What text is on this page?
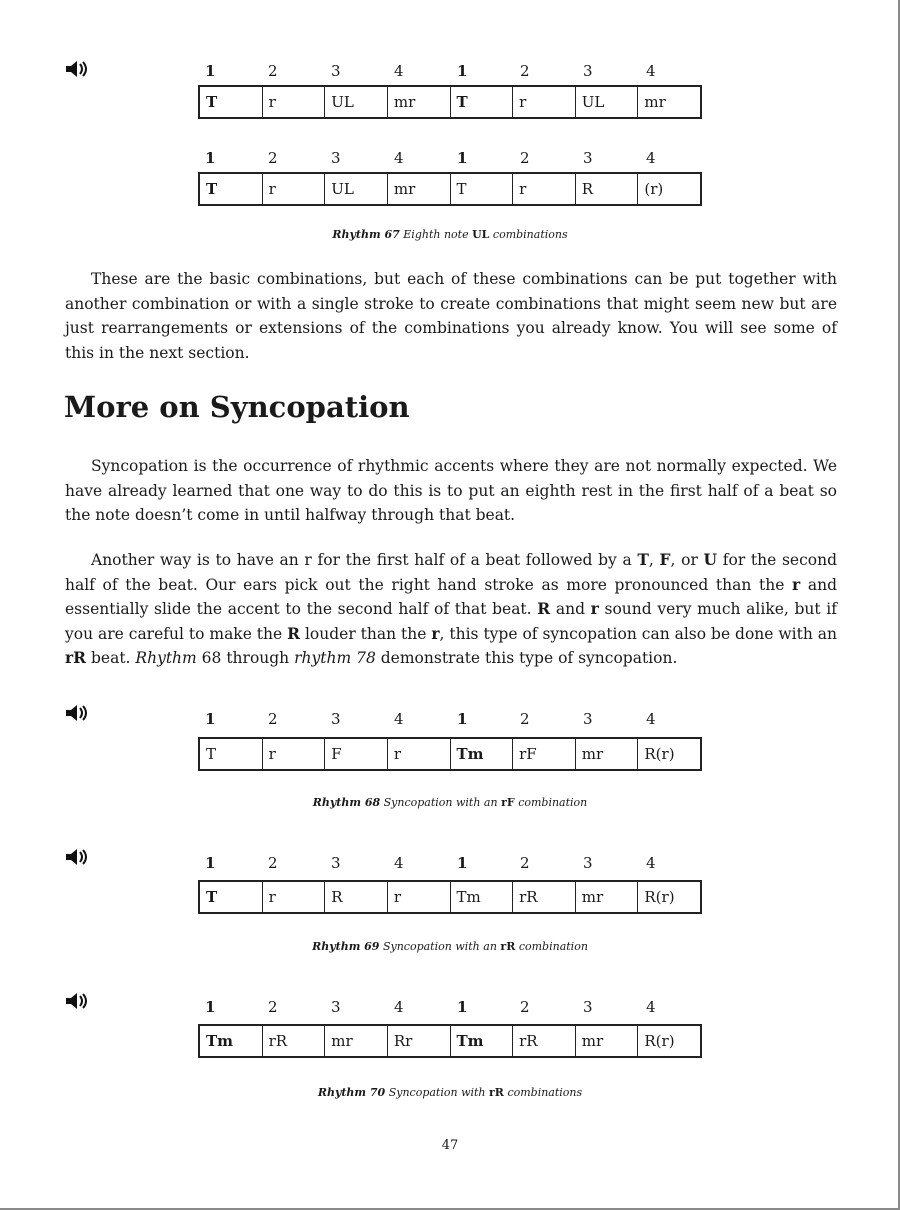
1	2	3	4	1	2	3	4
T	r	UL	mr	T	r	UL	mr
1	2	3	4	1	2	3	4
T	r	UL	mr	T	r	R	(r)
Rhythm 67 Eighth note UL combinations

These are the basic combinations, but each of these combinations can be put together with another combination or with a single stroke to create combinations that might seem new but are just rearrangements or extensions of the combinations you already know. You will see some of this in the next section.

More on Syncopation

Syncopation is the occurrence of rhythmic accents where they are not normally expected. We have already learned that one way to do this is to put an eighth rest in the first half of a beat so the note doesn’t come in until halfway through that beat.

Another way is to have an r for the first half of a beat followed by a T, F, or U for the second half of the beat. Our ears pick out the right hand stroke as more pronounced than the r and essentially slide the accent to the second half of that beat. R and r sound very much alike, but if you are careful to make the R louder than the r, this type of syncopation can also be done with an rR beat. Rhythm 68 through rhythm 78 demonstrate this type of syncopation.

1	2	3	4	1	2	3	4
T	r	F	r	Tm	rF	mr	R(r)
Rhythm 68 Syncopation with an rF combination
1	2	3	4	1	2	3	4
T	r	R	r	Tm	rR	mr	R(r)
Rhythm 69 Syncopation with an rR combination
1	2	3	4	1	2	3	4
Tm	rR	mr	Rr	Tm	rR	mr	R(r)
Rhythm 70 Syncopation with rR combinations
47
